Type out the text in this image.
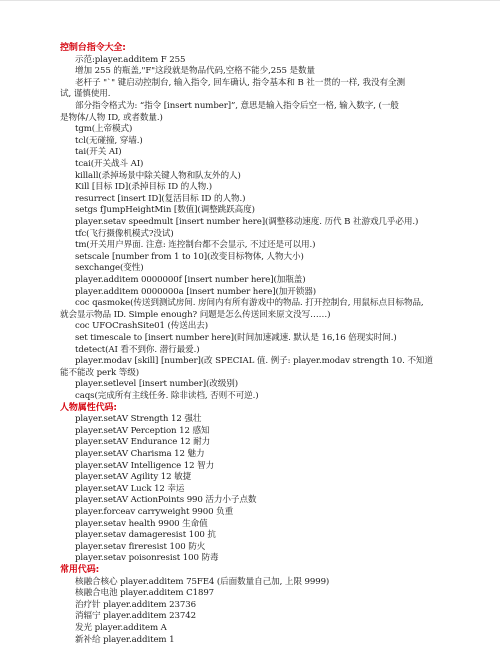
控制台指令大全:
示范:player.additem F 255
增加 255 的瓶盖,"F"这段就是物品代码,空格不能少,255 是数量
老杆子 "`" 键启动控制台, 输入指令, 回车确认, 指令基本和 B 社一贯的一样, 我没有全测
试, 谨慎使用.
部分指令格式为: “指令 [insert number]”, 意思是输入指令后空一格, 输入数字, (一般
是物体/人物 ID, 或者数量.)
tgm(上帝模式)
tcl(无碰撞, 穿墙.)
tai(开关 AI)
tcai(开关战斗 AI)
killall(杀掉场景中除关键人物和队友外的人)
Kill [目标 ID](杀掉目标 ID 的人物.)
resurrect [insert ID](复活目标 ID 的人物.)
setgs fJumpHeightMin [数值](调整跳跃高度)
player.setav speedmult [insert number here](调整移动速度. 历代 B 社游戏几乎必用.)
tfc(飞行摄像机模式?没试)
tm(开关用户界面. 注意: 连控制台都不会显示, 不过还是可以用.)
setscale [number from 1 to 10](改变目标物体, 人物大小)
sexchange(变性)
player.additem 0000000f [insert number here](加瓶盖)
player.additem 0000000a [insert number here](加开锁器)
coc qasmoke(传送到测试房间. 房间内有所有游戏中的物品. 打开控制台, 用鼠标点目标物品,
就会显示物品 ID. Simple enough? 问题是怎么传送回来原文没写……)
coc UFOCrashSite01 (传送出去)
set timescale to [insert number here](时间加速减速. 默认是 16,16 倍现实时间.)
tdetect(AI 看不到你. 潜行最爱.)
player.modav [skill] [number](改 SPECIAL 值. 例子: player.modav strength 10. 不知道
能不能改 perk 等级)
player.setlevel [insert number](改级别)
caqs(完成所有主线任务. 除非读档, 否则不可逆.)
人物属性代码:
player.setAV Strength 12 强壮
player.setAV Perception 12 感知
player.setAV Endurance 12 耐力
player.setAV Charisma 12 魅力
player.setAV Intelligence 12 智力
player.setAV Agility 12 敏捷
player.setAV Luck 12 幸运
player.setAV ActionPoints 990 活力小子点数
player.forceav carryweight 9900 负重
player.setav health 9900 生命值
player.setav damageresist 100 抗
player.setav fireresist 100 防火
player.setav poisonresist 100 防毒
常用代码:
核融合核心 player.additem 75FE4 (后面数量自己加, 上限 9999)
核融合电池 player.additem C1897
治疗针 player.additem 23736
消辐宁 player.additem 23742
发光 player.additem A
新补给 player.additem 1
